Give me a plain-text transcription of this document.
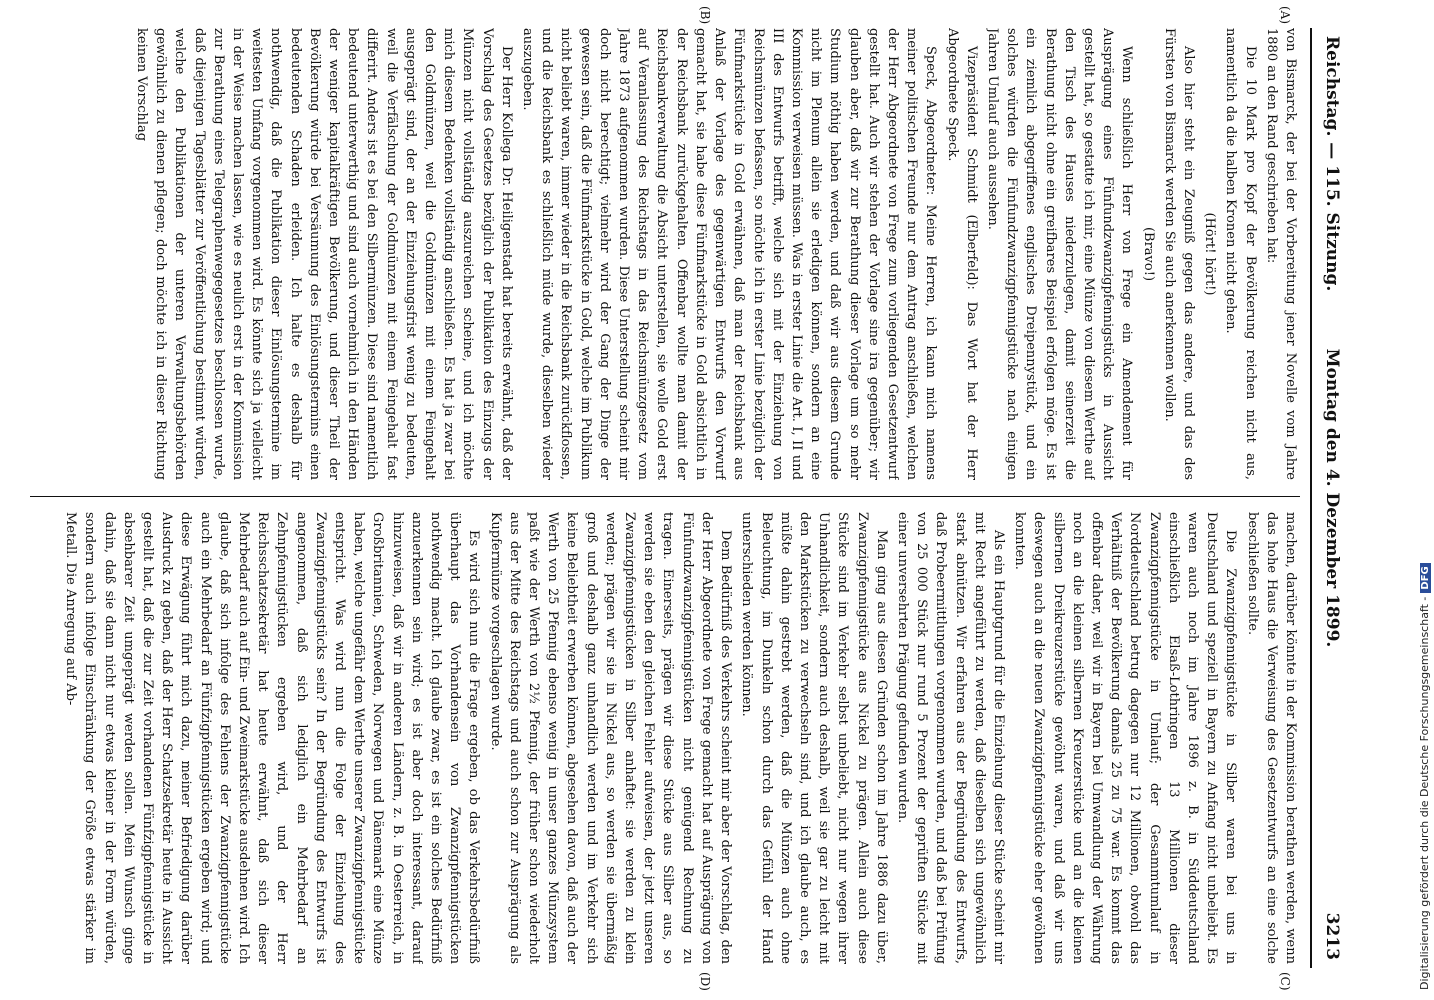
Reichstag. — 115. Sitzung.
Montag den 4. Dezember 1899.
3213
(A)
(B)
(C)
(D)

von Bismarck, der bei der Vorbereitung jener Novelle vom Jahre 1880 an den Rand geschrieben hat:

Die 10 Mark pro Kopf der Bevölkerung reichen nicht aus, namentlich da die halben Kronen nicht gehen.

(Hört! hört!)

Also hier steht ein Zeugniß gegen das andere, und das des Fürsten von Bismarck werden Sie auch anerkennen wollen.

(Bravo!)

Wenn schließlich Herr von Frege ein Amendement für Ausprägung eines Fünfundzwanzigpfennigstücks in Aussicht gestellt hat, so gestatte ich mir, eine Münze von diesem Werthe auf den Tisch des Hauses niederzulegen, damit seinerzeit die Berathung nicht ohne ein greifbares Beispiel erfolgen möge. Es ist ein ziemlich abgegriffenes englisches Dreipennystück, und ein solches würden die Fünfundzwanzigpfennigstücke nach einigen Jahren Umlauf auch aussehen.

Vizepräsident Schmidt (Elberfeld): Das Wort hat der Herr Abgeordnete Speck.

Speck, Abgeordneter: Meine Herren, ich kann mich namens meiner politischen Freunde nur dem Antrag anschließen, welchen der Herr Abgeordnete von Frege zum vorliegenden Gesetzentwurf gestellt hat. Auch wir stehen der Vorlage sine ira gegenüber; wir glauben aber, daß wir zur Berathung dieser Vorlage um so mehr Studium nöthig haben werden, und daß wir aus diesem Grunde nicht im Plenum allein sie erledigen können, sondern an eine Kommission verweisen müssen. Was in erster Linie die Art. I, II und III des Entwurfs betrifft, welche sich mit der Einziehung von Reichsmünzen befassen, so möchte ich in erster Linie bezüglich der Fünfmarkstücke in Gold erwähnen, daß man der Reichsbank aus Anlaß der Vorlage des gegenwärtigen Entwurfs den Vorwurf gemacht hat, sie habe diese Fünfmarkstücke in Gold absichtlich in der Reichsbank zurückgehalten. Offenbar wollte man damit der Reichsbankverwaltung die Absicht unterstellen, sie wolle Gold erst auf Veranlassung des Reichstags in das Reichsmünzgesetz vom Jahre 1873 aufgenommen wurden. Diese Unterstellung scheint mir doch nicht berechtigt; vielmehr wird der Gang der Dinge der gewesen sein, daß die Fünfmarkstücke in Gold, welche im Publikum nicht beliebt waren, immer wieder in die Reichsbank zurückflossen, und die Reichsbank es schließlich müde wurde, dieselben wieder auszugeben.

Der Herr Kollega Dr. Heiligenstadt hat bereits erwähnt, daß der Vorschlag des Gesetzes bezüglich der Publikation des Einzugs der Münzen nicht vollständig auszureichen scheine, und ich möchte mich diesem Bedenken vollständig anschließen. Es hat ja zwar bei den Goldmünzen, weil die Goldmünzen mit einem Feingehalt ausgeprägt sind, der an der Einziehungsfrist wenig zu bedeuten, weil die Verfälschung der Goldmünzen mit einem Feingehalt fast differirt. Anders ist es bei den Silbermünzen. Diese sind namentlich bedeutend unterwerthig und sind auch vornehmlich in den Händen der weniger kapitalkräftigen Bevölkerung, und dieser Theil der Bevölkerung würde bei Versäumung des Einlösungstermins einen bedeutenden Schaden erleiden. Ich halte es deshalb für nothwendig, daß die Publikation dieser Einlösungstermine im weitesten Umfang vorgenommen wird. Es könnte sich ja vielleicht in der Weise machen lassen, wie es neulich erst in der Kommission zur Berathung eines Telegraphenwegegesetzes beschlossen wurde, daß diejenigen Tagesblätter zur Veröffentlichung bestimmt würden, welche den Publikationen der unteren Verwaltungsbehörden gewöhnlich zu dienen pflegen; doch möchte ich in dieser Richtung keinen Vorschlag

machen, darüber könnte in der Kommission berathen werden, wenn das hohe Haus die Verweisung des Gesetzentwurfs an eine solche beschließen sollte.

Die Zwanzigpfennigstücke in Silber waren bei uns in Deutschland und speziell in Bayern zu Anfang nicht unbeliebt. Es waren auch noch im Jahre 1896 z. B. in Süddeutschland einschließlich Elsaß-Lothringen 13 Millionen dieser Zwanzigpfennigstücke in Umlauf; der Gesammtumlauf in Norddeutschland betrug dagegen nur 12 Millionen, obwohl das Verhältniß der Bevölkerung damals 25 zu 75 war. Es kommt das offenbar daher, weil wir in Bayern bei Umwandlung der Währung noch an die kleinen silbernen Kreuzerstücke und an die kleinen silbernen Dreikreuzerstücke gewöhnt waren, und daß wir uns deswegen auch an die neuen Zwanzigpfennigstücke eher gewöhnen konnten.

Als ein Hauptgrund für die Einziehung dieser Stücke scheint mir mit Recht angeführt zu werden, daß dieselben sich ungewöhnlich stark abnützen. Wir erfahren aus der Begründung des Entwurfs, daß Probeermittlungen vorgenommen wurden, und daß bei Prüfung von 25 000 Stück nur rund 5 Prozent der geprüften Stücke mit einer unversehrten Prägung gefunden wurden.

Man ging aus diesen Gründen schon im Jahre 1886 dazu über, Zwanzigpfennigstücke aus Nickel zu prägen. Allein auch diese Stücke sind im Verkehr selbst unbeliebt, nicht nur wegen ihrer Unhandlichkeit, sondern auch deshalb, weil sie gar zu leicht mit den Markstücken zu verwechseln sind, und ich glaube auch, es müßte dahin gestrebt werden, daß die Münzen auch ohne Beleuchtung, im Dunkeln schon durch das Gefühl der Hand unterschieden werden können.

Dem Bedürfniß des Verkehrs scheint mir aber der Vorschlag, den der Herr Abgeordnete von Frege gemacht hat auf Ausprägung von Fünfundzwanzigpfennigstücken nicht genügend Rechnung zu tragen. Einerseits, prägen wir diese Stücke aus Silber aus, so werden sie eben den gleichen Fehler aufweisen, der jetzt unseren Zwanzigpfennigstücken in Silber anhaftet: sie werden zu klein werden; prägen wir sie in Nickel aus, so werden sie übermäßig groß und deshalb ganz unhandlich werden und im Verkehr sich keine Beliebtheit erwerben können, abgesehen davon, daß auch der Werth von 25 Pfennig ebenso wenig in unser ganzes Münzsystem paßt wie der Werth von 2½ Pfennig, der früher schon wiederholt aus der Mitte des Reichstags und auch schon zur Ausprägung als Kupfermünze vorgeschlagen wurde.

Es wird sich nun die Frage ergeben, ob das Verkehrsbedürfniß überhaupt das Vorhandensein von Zwanzigpfennigstücken nothwendig macht. Ich glaube zwar, es ist ein solches Bedürfniß anzuerkennen sein wird; es ist aber doch interessant, darauf hinzuweisen, daß wir in anderen Ländern, z. B. in Oesterreich, in Großbritannien, Schweden, Norwegen und Dänemark eine Münze haben, welche ungefähr dem Werthe unserer Zwanzigpfennigstücke entspricht. Was wird nun die Folge der Einziehung des Zwanzigpfennigstücks sein? In der Begründung des Entwurfs ist angenommen, daß sich lediglich ein Mehrbedarf an Zehnpfennigstücken ergeben wird, und der Herr Reichsschatzsekretär hat heute erwähnt, daß sich dieser Mehrbedarf auch auf Ein- und Zweimarkstücke ausdehnen wird. Ich glaube, daß sich infolge des Fehlens der Zwanzigpfennigstücke auch ein Mehrbedarf an Fünfzigpfennigstücken ergeben wird; und diese Erwägung führt mich dazu, meiner Befriedigung darüber Ausdruck zu geben, daß der Herr Schatzsekretär heute in Aussicht gestellt hat, daß die zur Zeit vorhandenen Fünfzigpfennigstücke in absehbarer Zeit umgeprägt werden sollen. Mein Wunsch ginge dahin, daß sie dann nicht nur etwas kleiner in der Form würden, sondern auch infolge Einschränkung der Größe etwas stärker im Metall. Die Anregung auf Ab-	Digitalisierung gefördert durch die Deutsche Forschungsgemeinschaft -DFG
